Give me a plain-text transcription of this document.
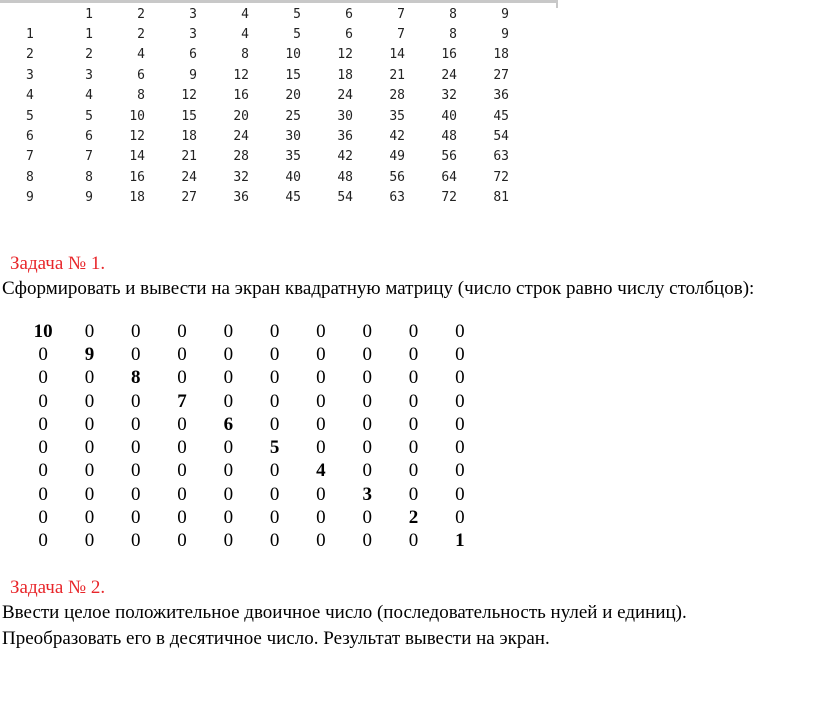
	1	2	3	4	5	6	7	8	9
1	1	2	3	4	5	6	7	8	9
2	2	4	6	8	10	12	14	16	18
3	3	6	9	12	15	18	21	24	27
4	4	8	12	16	20	24	28	32	36
5	5	10	15	20	25	30	35	40	45
6	6	12	18	24	30	36	42	48	54
7	7	14	21	28	35	42	49	56	63
8	8	16	24	32	40	48	56	64	72
9	9	18	27	36	45	54	63	72	81
Задача № 1.

Сформировать и вывести на экран квадратную матрицу (число строк равно числу столбцов):

10	0	0	0	0	0	0	0	0	0
0	9	0	0	0	0	0	0	0	0
0	0	8	0	0	0	0	0	0	0
0	0	0	7	0	0	0	0	0	0
0	0	0	0	6	0	0	0	0	0
0	0	0	0	0	5	0	0	0	0
0	0	0	0	0	0	4	0	0	0
0	0	0	0	0	0	0	3	0	0
0	0	0	0	0	0	0	0	2	0
0	0	0	0	0	0	0	0	0	1
Задача № 2.

Ввести целое положительное двоичное число (последовательность нулей и единиц).

Преобразовать его в десятичное число. Результат вывести на экран.
